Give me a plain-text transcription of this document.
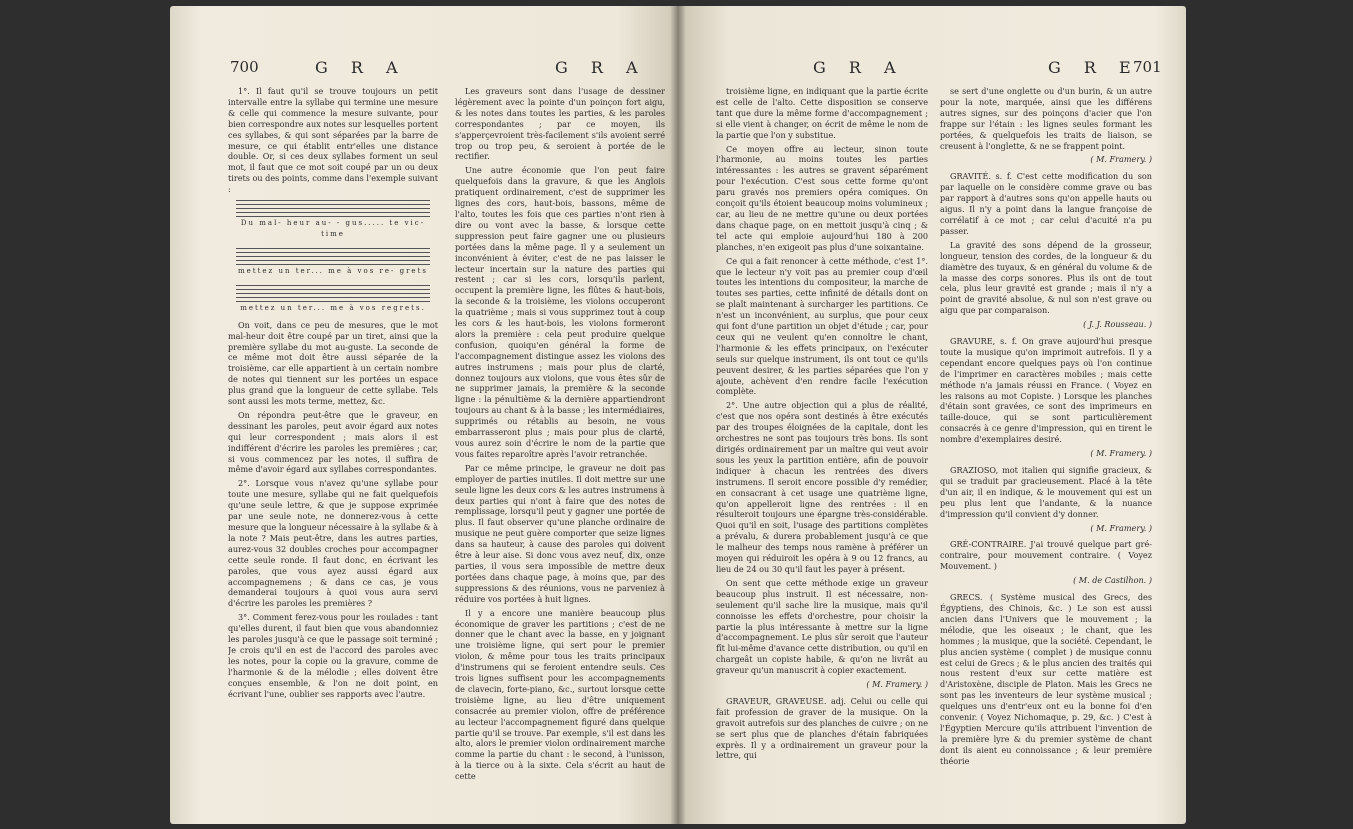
700	G R A	G R A

1°. Il faut qu'il se trouve toujours un petit intervalle entre la syllabe qui termine une mesure & celle qui commence la mesure suivante, pour bien correspondre aux notes sur lesquelles portent ces syllabes, & qui sont séparées par la barre de mesure, ce qui établit entr'elles une distance double. Or, si ces deux syllabes forment un seul mot, il faut que ce mot soit coupé par un ou deux tirets ou des points, comme dans l'exemple suivant :

Du mal- heur au- - gus..... te vic- time
mettez un ter... me à vos re- grets
mettez un ter... me à vos regrets.

On voit, dans ce peu de mesures, que le mot mal-heur doit être coupé par un tiret, ainsi que la première syllabe du mot au-guste. La seconde de ce même mot doit être aussi séparée de la troisième, car elle appartient à un certain nombre de notes qui tiennent sur les portées un espace plus grand que la longueur de cette syllabe. Tels sont aussi les mots terme, mettez, &c.

On répondra peut-être que le graveur, en dessinant les paroles, peut avoir égard aux notes qui leur correspondent ; mais alors il est indifférent d'écrire les paroles les premières ; car, si vous commencez par les notes, il suffira de même d'avoir égard aux syllabes correspondantes.

2°. Lorsque vous n'avez qu'une syllabe pour toute une mesure, syllabe qui ne fait quelquefois qu'une seule lettre, & que je suppose exprimée par une seule note, ne donnerez-vous à cette mesure que la longueur nécessaire à la syllabe & à la note ? Mais peut-être, dans les autres parties, aurez-vous 32 doubles croches pour accompagner cette seule ronde. Il faut donc, en écrivant les paroles, que vous ayez aussi égard aux accompagnemens ; & dans ce cas, je vous demanderai toujours à quoi vous aura servi d'écrire les paroles les premières ?

3°. Comment ferez-vous pour les roulades : tant qu'elles durent, il faut bien que vous abandonniez les paroles jusqu'à ce que le passage soit terminé ; Je crois qu'il en est de l'accord des paroles avec les notes, pour la copie ou la gravure, comme de l'harmonie & de la mélodie ; elles doivent être conçues ensemble, & l'on ne doit point, en écrivant l'une, oublier ses rapports avec l'autre.

Les graveurs sont dans l'usage de dessiner légèrement avec la pointe d'un poinçon fort aigu, & les notes dans toutes les parties, & les paroles correspondantes ; par ce moyen, ils s'apperçevroient très-facilement s'ils avoient serré trop ou trop peu, & seroient à portée de le rectifier.

Une autre économie que l'on peut faire quelquefois dans la gravure, & que les Anglois pratiquent ordinairement, c'est de supprimer les lignes des cors, haut-bois, bassons, même de l'alto, toutes les fois que ces parties n'ont rien à dire ou vont avec la basse, & lorsque cette suppression peut faire gagner une ou plusieurs portées dans la même page. Il y a seulement un inconvénient à éviter, c'est de ne pas laisser le lecteur incertain sur la nature des parties qui restent ; car si les cors, lorsqu'ils parlent, occupent la première ligne, les flûtes & haut-bois, la seconde & la troisième, les violons occuperont la quatrième ; mais si vous supprimez tout à coup les cors & les haut-bois, les violons formeront alors la première : cela peut produire quelque confusion, quoiqu'en général la forme de l'accompagnement distingue assez les violons des autres instrumens ; mais pour plus de clarté, donnez toujours aux violons, que vous êtes sûr de ne supprimer jamais, la première & la seconde ligne : la pénultième & la dernière appartiendront toujours au chant & à la basse ; les intermédiaires, supprimés ou rétablis au besoin, ne vous embarrasseront plus ; mais pour plus de clarté, vous aurez soin d'écrire le nom de la partie que vous faites reparoître après l'avoir retranchée.

Par ce même principe, le graveur ne doit pas employer de parties inutiles. Il doit mettre sur une seule ligne les deux cors & les autres instrumens à deux parties qui n'ont à faire que des notes de remplissage, lorsqu'il peut y gagner une portée de plus. Il faut observer qu'une planche ordinaire de musique ne peut guère comporter que seize lignes dans sa hauteur, à cause des paroles qui doivent être à leur aise. Si donc vous avez neuf, dix, onze parties, il vous sera impossible de mettre deux portées dans chaque page, à moins que, par des suppressions & des réunions, vous ne parveniez à réduire vos portées à huit lignes.

Il y a encore une manière beaucoup plus économique de graver les partitions ; c'est de ne donner que le chant avec la basse, en y joignant une troisième ligne, qui sert pour le premier violon, & même pour tous les traits principaux d'instrumens qui se feroient entendre seuls. Ces trois lignes suffisent pour les accompagnements de clavecin, forte-piano, &c., surtout lorsque cette troisième ligne, au lieu d'être uniquement consacrée au premier violon, offre de préférence au lecteur l'accompagnement figuré dans quelque partie qu'il se trouve. Par exemple, s'il est dans les alto, alors le premier violon ordinairement marche comme la partie du chant : le second, à l'unisson, à la tierce ou à la sixte. Cela s'écrit au haut de cette

G R A	G R E
701

troisième ligne, en indiquant que la partie écrite est celle de l'alto. Cette disposition se conserve tant que dure la même forme d'accompagnement ; si elle vient à changer, on écrit de même le nom de la partie que l'on y substitue.

Ce moyen offre au lecteur, sinon toute l'harmonie, au moins toutes les parties intéressantes : les autres se gravent séparément pour l'exécution. C'est sous cette forme qu'ont paru gravés nos premiers opéra comiques. On conçoit qu'ils étoient beaucoup moins volumineux ; car, au lieu de ne mettre qu'une ou deux portées dans chaque page, on en mettoit jusqu'à cinq ; & tel acte qui emploie aujourd'hui 180 à 200 planches, n'en exigeoit pas plus d'une soixantaine.

Ce qui a fait renoncer à cette méthode, c'est 1°. que le lecteur n'y voit pas au premier coup d'œil toutes les intentions du compositeur, la marche de toutes ses parties, cette infinité de détails dont on se plaît maintenant à surcharger les partitions. Ce n'est un inconvénient, au surplus, que pour ceux qui font d'une partition un objet d'étude ; car, pour ceux qui ne veulent qu'en connoître le chant, l'harmonie & les effets principaux, on l'exécuter seuls sur quelque instrument, ils ont tout ce qu'ils peuvent desirer, & les parties séparées que l'on y ajoute, achèvent d'en rendre facile l'exécution complète.

2°. Une autre objection qui a plus de réalité, c'est que nos opéra sont destinés à être exécutés par des troupes éloignées de la capitale, dont les orchestres ne sont pas toujours très bons. Ils sont dirigés ordinairement par un maître qui veut avoir sous les yeux la partition entière, afin de pouvoir indiquer à chacun les rentrées des divers instrumens. Il seroit encore possible d'y remédier, en consacrant à cet usage une quatrième ligne, qu'on appelleroit ligne des rentrées : il en résulteroit toujours une épargne très-considérable. Quoi qu'il en soit, l'usage des partitions complètes a prévalu, & durera probablement jusqu'à ce que le malheur des temps nous ramène à préférer un moyen qui réduiroit les opéra à 9 ou 12 francs, au lieu de 24 ou 30 qu'il faut les payer à présent.

On sent que cette méthode exige un graveur beaucoup plus instruit. Il est nécessaire, non-seulement qu'il sache lire la musique, mais qu'il connoisse les effets d'orchestre, pour choisir la partie la plus intéressante à mettre sur la ligne d'accompagnement. Le plus sûr seroit que l'auteur fît lui-même d'avance cette distribution, ou qu'il en chargeât un copiste habile, & qu'on ne livrât au graveur qu'un manuscrit à copier exactement.

( M. Framery. )

GRAVEUR, GRAVEUSE. adj. Celui ou celle qui fait profession de graver de la musique. On la gravoit autrefois sur des planches de cuivre ; on ne se sert plus que de planches d'étain fabriquées exprès. Il y a ordinairement un graveur pour la lettre, qui

se sert d'une onglette ou d'un burin, & un autre pour la note, marquée, ainsi que les différens autres signes, sur des poinçons d'acier que l'on frappe sur l'étain : les lignes seules formant les portées, & quelquefois les traits de liaison, se creusent à l'onglette, & ne se frappent point.

( M. Framery. )

GRAVITÉ. s. f. C'est cette modification du son par laquelle on le considère comme grave ou bas par rapport à d'autres sons qu'on appelle hauts ou aigus. Il n'y a point dans la langue françoise de corrélatif à ce mot ; car celui d'acuité n'a pu passer.

La gravité des sons dépend de la grosseur, longueur, tension des cordes, de la longueur & du diamètre des tuyaux, & en général du volume & de la masse des corps sonores. Plus ils ont de tout cela, plus leur gravité est grande ; mais il n'y a point de gravité absolue, & nul son n'est grave ou aigu que par comparaison.

( J. J. Rousseau. )

GRAVURE, s. f. On grave aujourd'hui presque toute la musique qu'on imprimoit autrefois. Il y a cependant encore quelques pays où l'on continue de l'imprimer en caractères mobiles ; mais cette méthode n'a jamais réussi en France. ( Voyez en les raisons au mot Copiste. ) Lorsque les planches d'étain sont gravées, ce sont des imprimeurs en taille-douce, qui se sont particulièrement consacrés à ce genre d'impression, qui en tirent le nombre d'exemplaires desiré.

( M. Framery. )

GRAZIOSO, mot italien qui signifie gracieux, & qui se traduit par gracieusement. Placé à la tête d'un air, il en indique, & le mouvement qui est un peu plus lent que l'andante, & la nuance d'impression qu'il convient d'y donner.

( M. Framery. )

GRÉ-CONTRAIRE. J'ai trouvé quelque part gré-contraire, pour mouvement contraire. ( Voyez Mouvement. )

( M. de Castilhon. )

GRECS. ( Système musical des Grecs, des Égyptiens, des Chinois, &c. ) Le son est aussi ancien dans l'Univers que le mouvement ; la mélodie, que les oiseaux ; le chant, que les hommes ; la musique, que la société. Cependant, le plus ancien système ( complet ) de musique connu est celui de Grecs ; & le plus ancien des traités qui nous restent d'eux sur cette matière est d'Aristoxène, disciple de Platon. Mais les Grecs ne sont pas les inventeurs de leur système musical ; quelques uns d'entr'eux ont eu la bonne foi d'en convenir. ( Voyez Nichomaque, p. 29, &c. ) C'est à l'Égyptien Mercure qu'ils attribuent l'invention de la première lyre & du premier système de chant dont ils aient eu connoissance ; & leur première théorie
